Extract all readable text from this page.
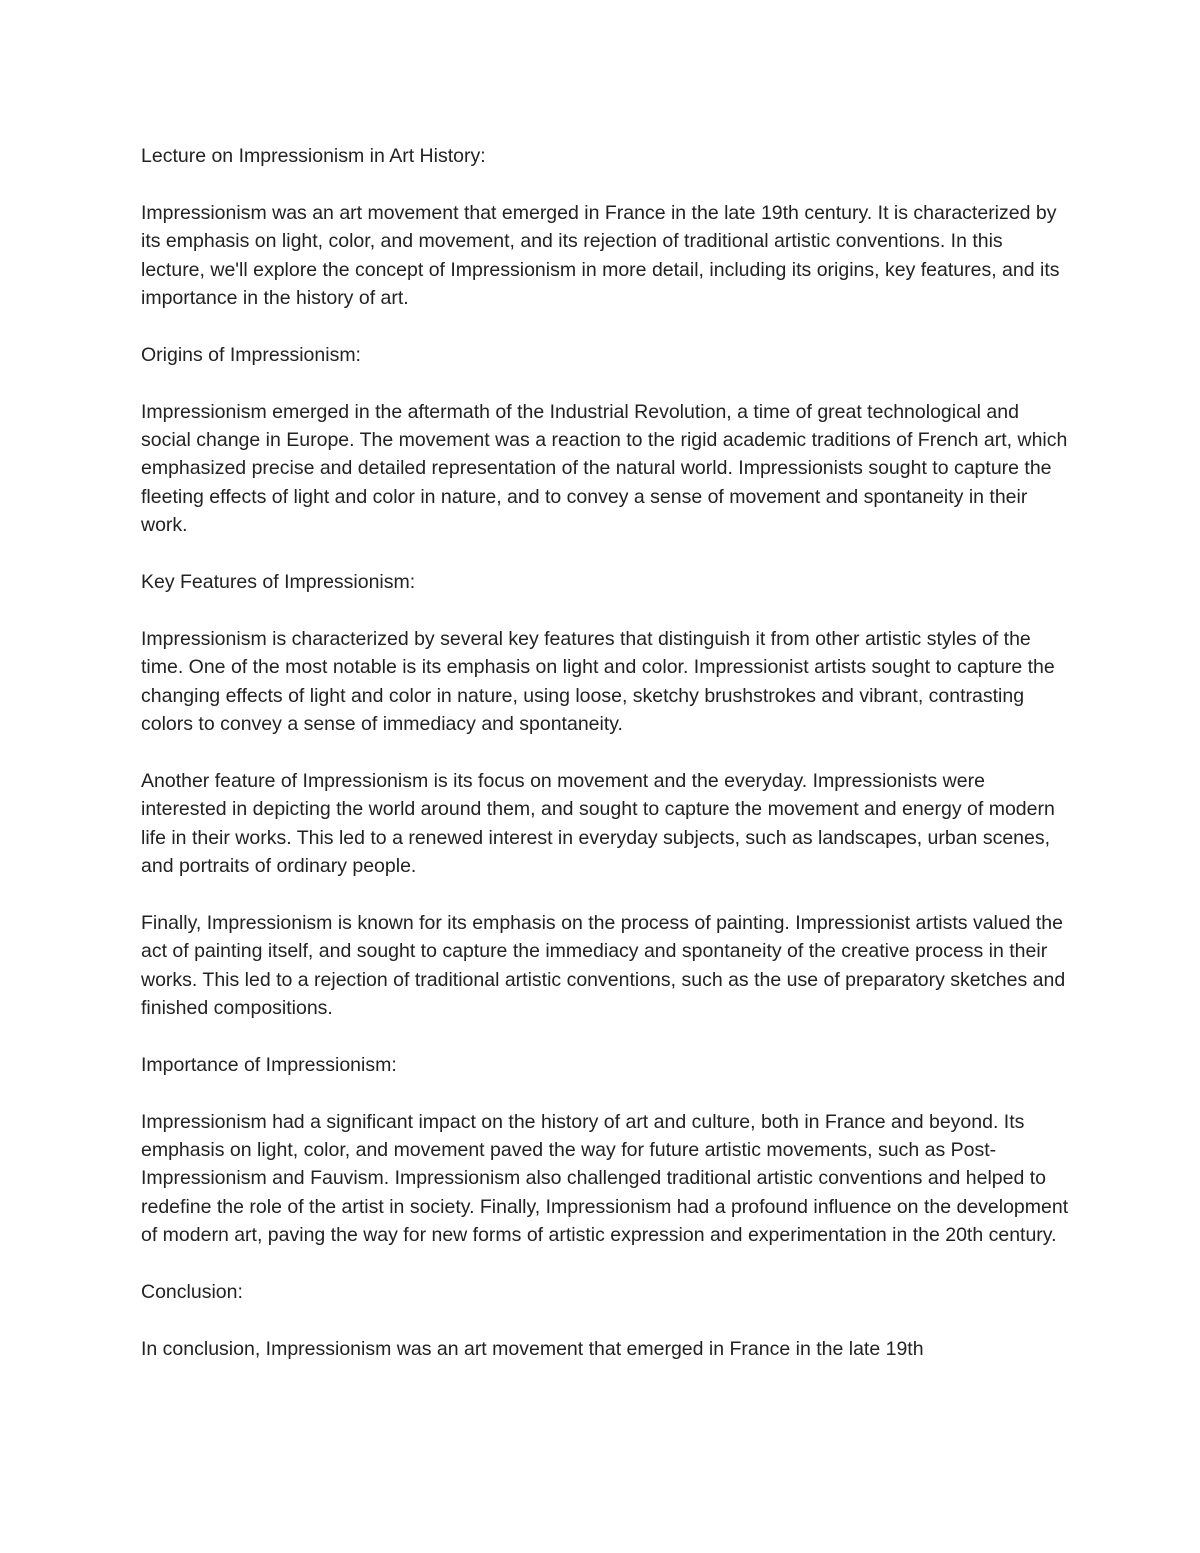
Lecture on Impressionism in Art History:

Impressionism was an art movement that emerged in France in the late 19th century. It is characterized by its emphasis on light, color, and movement, and its rejection of traditional artistic conventions. In this lecture, we'll explore the concept of Impressionism in more detail, including its origins, key features, and its importance in the history of art.

Origins of Impressionism:

Impressionism emerged in the aftermath of the Industrial Revolution, a time of great technological and social change in Europe. The movement was a reaction to the rigid academic traditions of French art, which emphasized precise and detailed representation of the natural world. Impressionists sought to capture the fleeting effects of light and color in nature, and to convey a sense of movement and spontaneity in their work.

Key Features of Impressionism:

Impressionism is characterized by several key features that distinguish it from other artistic styles of the time. One of the most notable is its emphasis on light and color. Impressionist artists sought to capture the changing effects of light and color in nature, using loose, sketchy brushstrokes and vibrant, contrasting colors to convey a sense of immediacy and spontaneity.

Another feature of Impressionism is its focus on movement and the everyday. Impressionists were interested in depicting the world around them, and sought to capture the movement and energy of modern life in their works. This led to a renewed interest in everyday subjects, such as landscapes, urban scenes, and portraits of ordinary people.

Finally, Impressionism is known for its emphasis on the process of painting. Impressionist artists valued the act of painting itself, and sought to capture the immediacy and spontaneity of the creative process in their works. This led to a rejection of traditional artistic conventions, such as the use of preparatory sketches and finished compositions.

Importance of Impressionism:

Impressionism had a significant impact on the history of art and culture, both in France and beyond. Its emphasis on light, color, and movement paved the way for future artistic movements, such as Post-Impressionism and Fauvism. Impressionism also challenged traditional artistic conventions and helped to redefine the role of the artist in society. Finally, Impressionism had a profound influence on the development of modern art, paving the way for new forms of artistic expression and experimentation in the 20th century.

Conclusion:

In conclusion, Impressionism was an art movement that emerged in France in the late 19th
